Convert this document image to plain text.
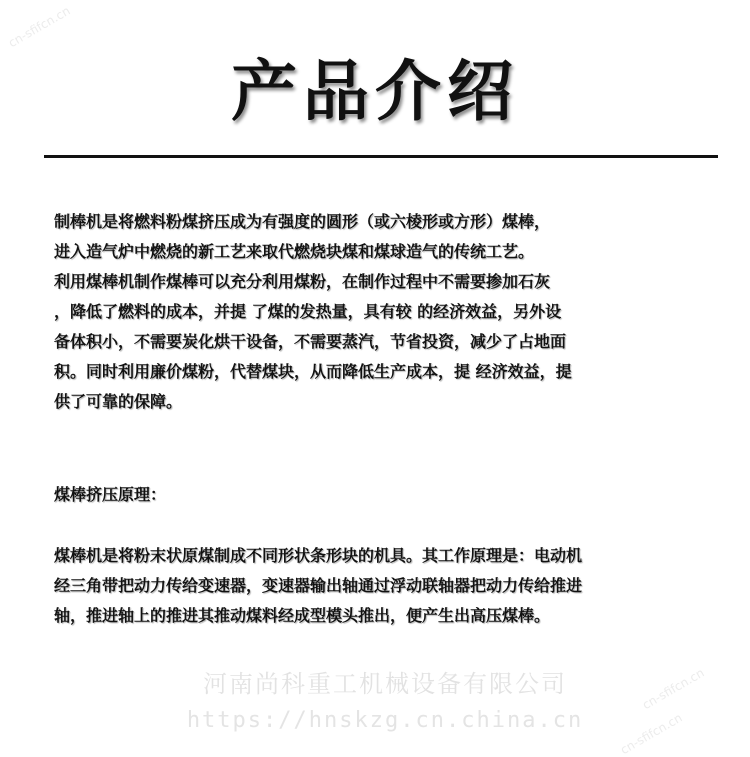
产品介绍
制棒机是将燃料粉煤挤压成为有强度的圆形（或六棱形或方形）煤棒，
进入造气炉中燃烧的新工艺来取代燃烧块煤和煤球造气的传统工艺。
利用煤棒机制作煤棒可以充分利用煤粉，在制作过程中不需要掺加石灰
，降低了燃料的成本，并提 了煤的发热量，具有较 的经济效益，另外设
备体积小，不需要炭化烘干设备，不需要蒸汽，节省投资，减少了占地面
积。同时利用廉价煤粉，代替煤块，从而降低生产成本，提 经济效益，提
供了可靠的保障。
煤棒挤压原理：
煤棒机是将粉末状原煤制成不同形状条形块的机具。其工作原理是：电动机
经三角带把动力传给变速器，变速器输出轴通过浮动联轴器把动力传给推进
轴，推进轴上的推进其推动煤料经成型模头推出，便产生出高压煤棒。
河南尚科重工机械设备有限公司
https://hnskzg.cn.china.cn
cn-sfifcn.cn
cn-sfifcn.cn
cn-sfifcn.cn
